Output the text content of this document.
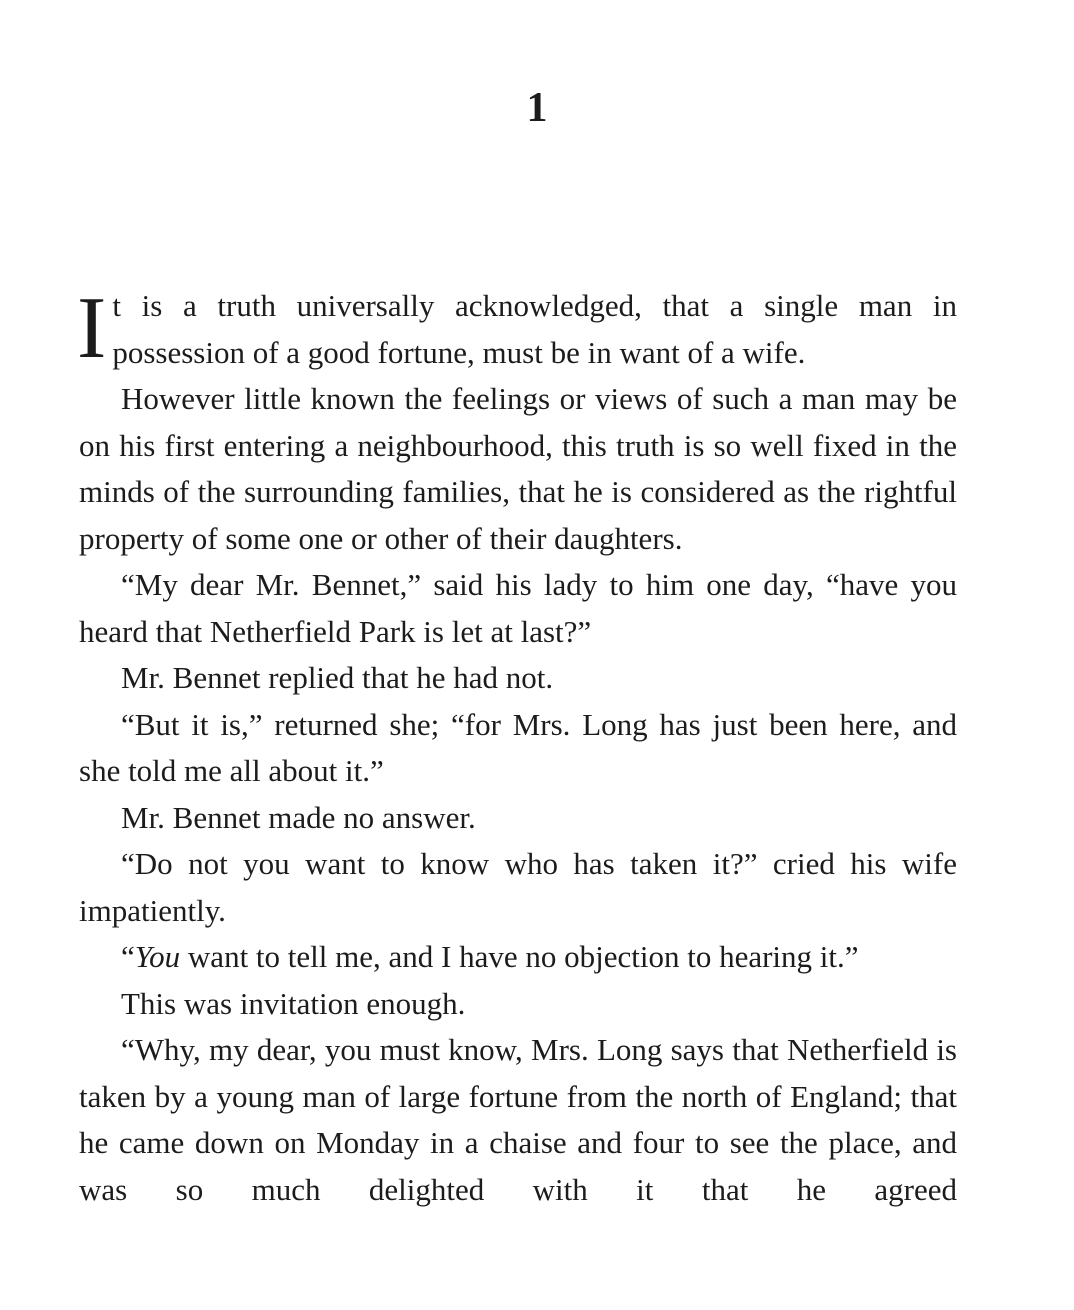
1

It is a truth universally acknowledged, that a single man in possession of a good fortune, must be in want of a wife.

However little known the feelings or views of such a man may be on his first entering a neighbourhood, this truth is so well fixed in the minds of the surrounding families, that he is considered as the rightful property of some one or other of their daughters.

“My dear Mr. Bennet,” said his lady to him one day, “have you heard that Netherfield Park is let at last?”

Mr. Bennet replied that he had not.

“But it is,” returned she; “for Mrs. Long has just been here, and she told me all about it.”

Mr. Bennet made no answer.

“Do not you want to know who has taken it?” cried his wife impatiently.

“You want to tell me, and I have no objection to hearing it.”

This was invitation enough.

“Why, my dear, you must know, Mrs. Long says that Netherfield is taken by a young man of large fortune from the north of England; that he came down on Monday in a chaise and four to see the place, and was so much delighted with it that he agreed
